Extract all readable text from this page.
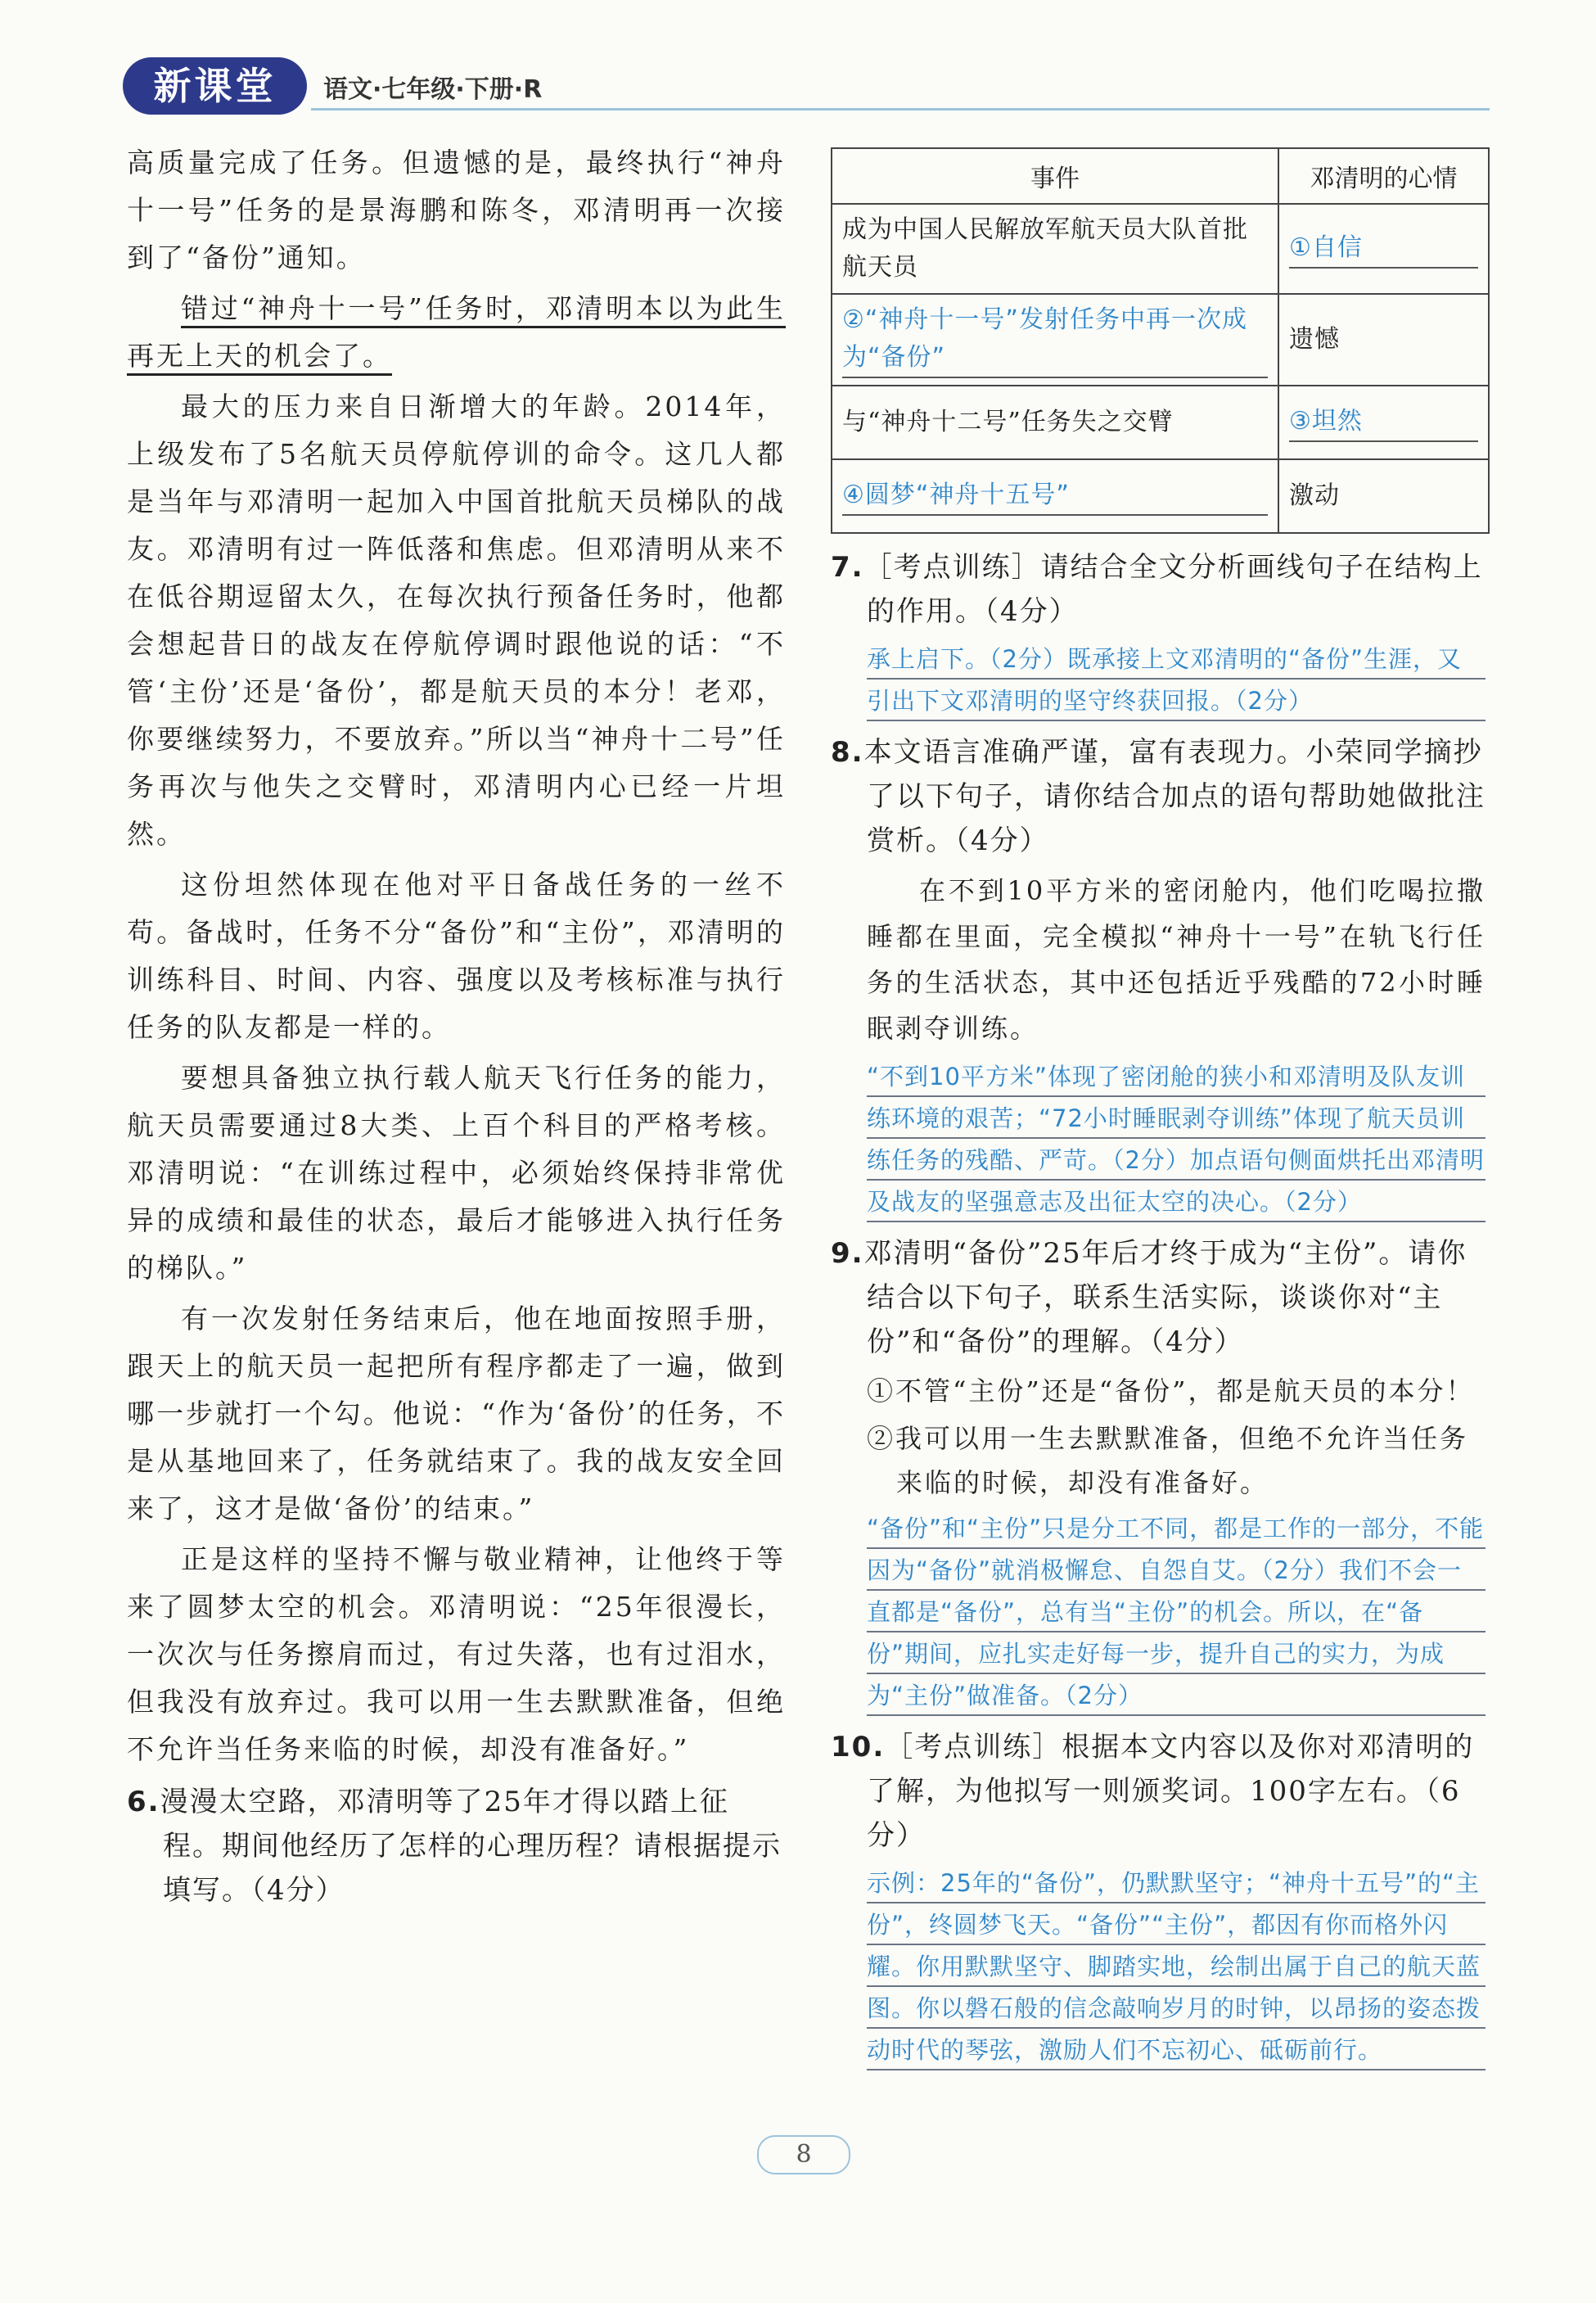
新课堂	语文·七年级·下册·R

高质量完成了任务。但遗憾的是，最终执行“神舟十一号”任务的是景海鹏和陈冬，邓清明再一次接到了“备份”通知。

错过“神舟十一号”任务时，邓清明本以为此生再无上天的机会了。

最大的压力来自日渐增大的年龄。2014年，上级发布了5名航天员停航停训的命令。这几人都是当年与邓清明一起加入中国首批航天员梯队的战友。邓清明有过一阵低落和焦虑。但邓清明从来不在低谷期逗留太久，在每次执行预备任务时，他都会想起昔日的战友在停航停调时跟他说的话：“不管‘主份’还是‘备份’，都是航天员的本分！老邓，你要继续努力，不要放弃。”所以当“神舟十二号”任务再次与他失之交臂时，邓清明内心已经一片坦然。

这份坦然体现在他对平日备战任务的一丝不苟。备战时，任务不分“备份”和“主份”，邓清明的训练科目、时间、内容、强度以及考核标准与执行任务的队友都是一样的。

要想具备独立执行载人航天飞行任务的能力，航天员需要通过8大类、上百个科目的严格考核。邓清明说：“在训练过程中，必须始终保持非常优异的成绩和最佳的状态，最后才能够进入执行任务的梯队。”

有一次发射任务结束后，他在地面按照手册，跟天上的航天员一起把所有程序都走了一遍，做到哪一步就打一个勾。他说：“作为‘备份’的任务，不是从基地回来了，任务就结束了。我的战友安全回来了，这才是做‘备份’的结束。”

正是这样的坚持不懈与敬业精神，让他终于等来了圆梦太空的机会。邓清明说：“25年很漫长，一次次与任务擦肩而过，有过失落，也有过泪水，但我没有放弃过。我可以用一生去默默准备，但绝不允许当任务来临的时候，却没有准备好。”

6.漫漫太空路，邓清明等了25年才得以踏上征程。期间他经历了怎样的心理历程？请根据提示填写。（4分）

事件	邓清明的心情
成为中国人民解放军航天员大队首批航天员	①自信

②“神舟十一号”发射任务中再一次成为“备份”	遗憾
与“神舟十二号”任务失之交臂	③坦然

④圆梦“神舟十五号”	激动

7.［考点训练］请结合全文分析画线句子在结构上的作用。（4分）

承上启下。（2分）既承接上文邓清明的“备份”生涯，又引出下文邓清明的坚守终获回报。（2分）

8.本文语言准确严谨，富有表现力。小荣同学摘抄了以下句子，请你结合加点的语句帮助她做批注赏析。（4分）

在不到10平方米的密闭舱内，他们吃喝拉撒睡都在里面，完全模拟“神舟十一号”在轨飞行任务的生活状态，其中还包括近乎残酷的72小时睡眠剥夺训练。

“不到10平方米”体现了密闭舱的狭小和邓清明及队友训练环境的艰苦；“72小时睡眠剥夺训练”体现了航天员训练任务的残酷、严苛。（2分）加点语句侧面烘托出邓清明及战友的坚强意志及出征太空的决心。（2分）

9.邓清明“备份”25年后才终于成为“主份”。请你结合以下句子，联系生活实际，谈谈你对“主份”和“备份”的理解。（4分）

①不管“主份”还是“备份”，都是航天员的本分！

②我可以用一生去默默准备，但绝不允许当任务来临的时候，却没有准备好。

“备份”和“主份”只是分工不同，都是工作的一部分，不能因为“备份”就消极懈怠、自怨自艾。（2分）我们不会一直都是“备份”，总有当“主份”的机会。所以，在“备份”期间，应扎实走好每一步，提升自己的实力，为成为“主份”做准备。（2分）

10.［考点训练］根据本文内容以及你对邓清明的了解，为他拟写一则颁奖词。100字左右。（6分）

示例：25年的“备份”，仍默默坚守；“神舟十五号”的“主份”，终圆梦飞天。“备份”“主份”，都因有你而格外闪耀。你用默默坚守、脚踏实地，绘制出属于自己的航天蓝图。你以磐石般的信念敲响岁月的时钟，以昂扬的姿态拨动时代的琴弦，激励人们不忘初心、砥砺前行。
8
